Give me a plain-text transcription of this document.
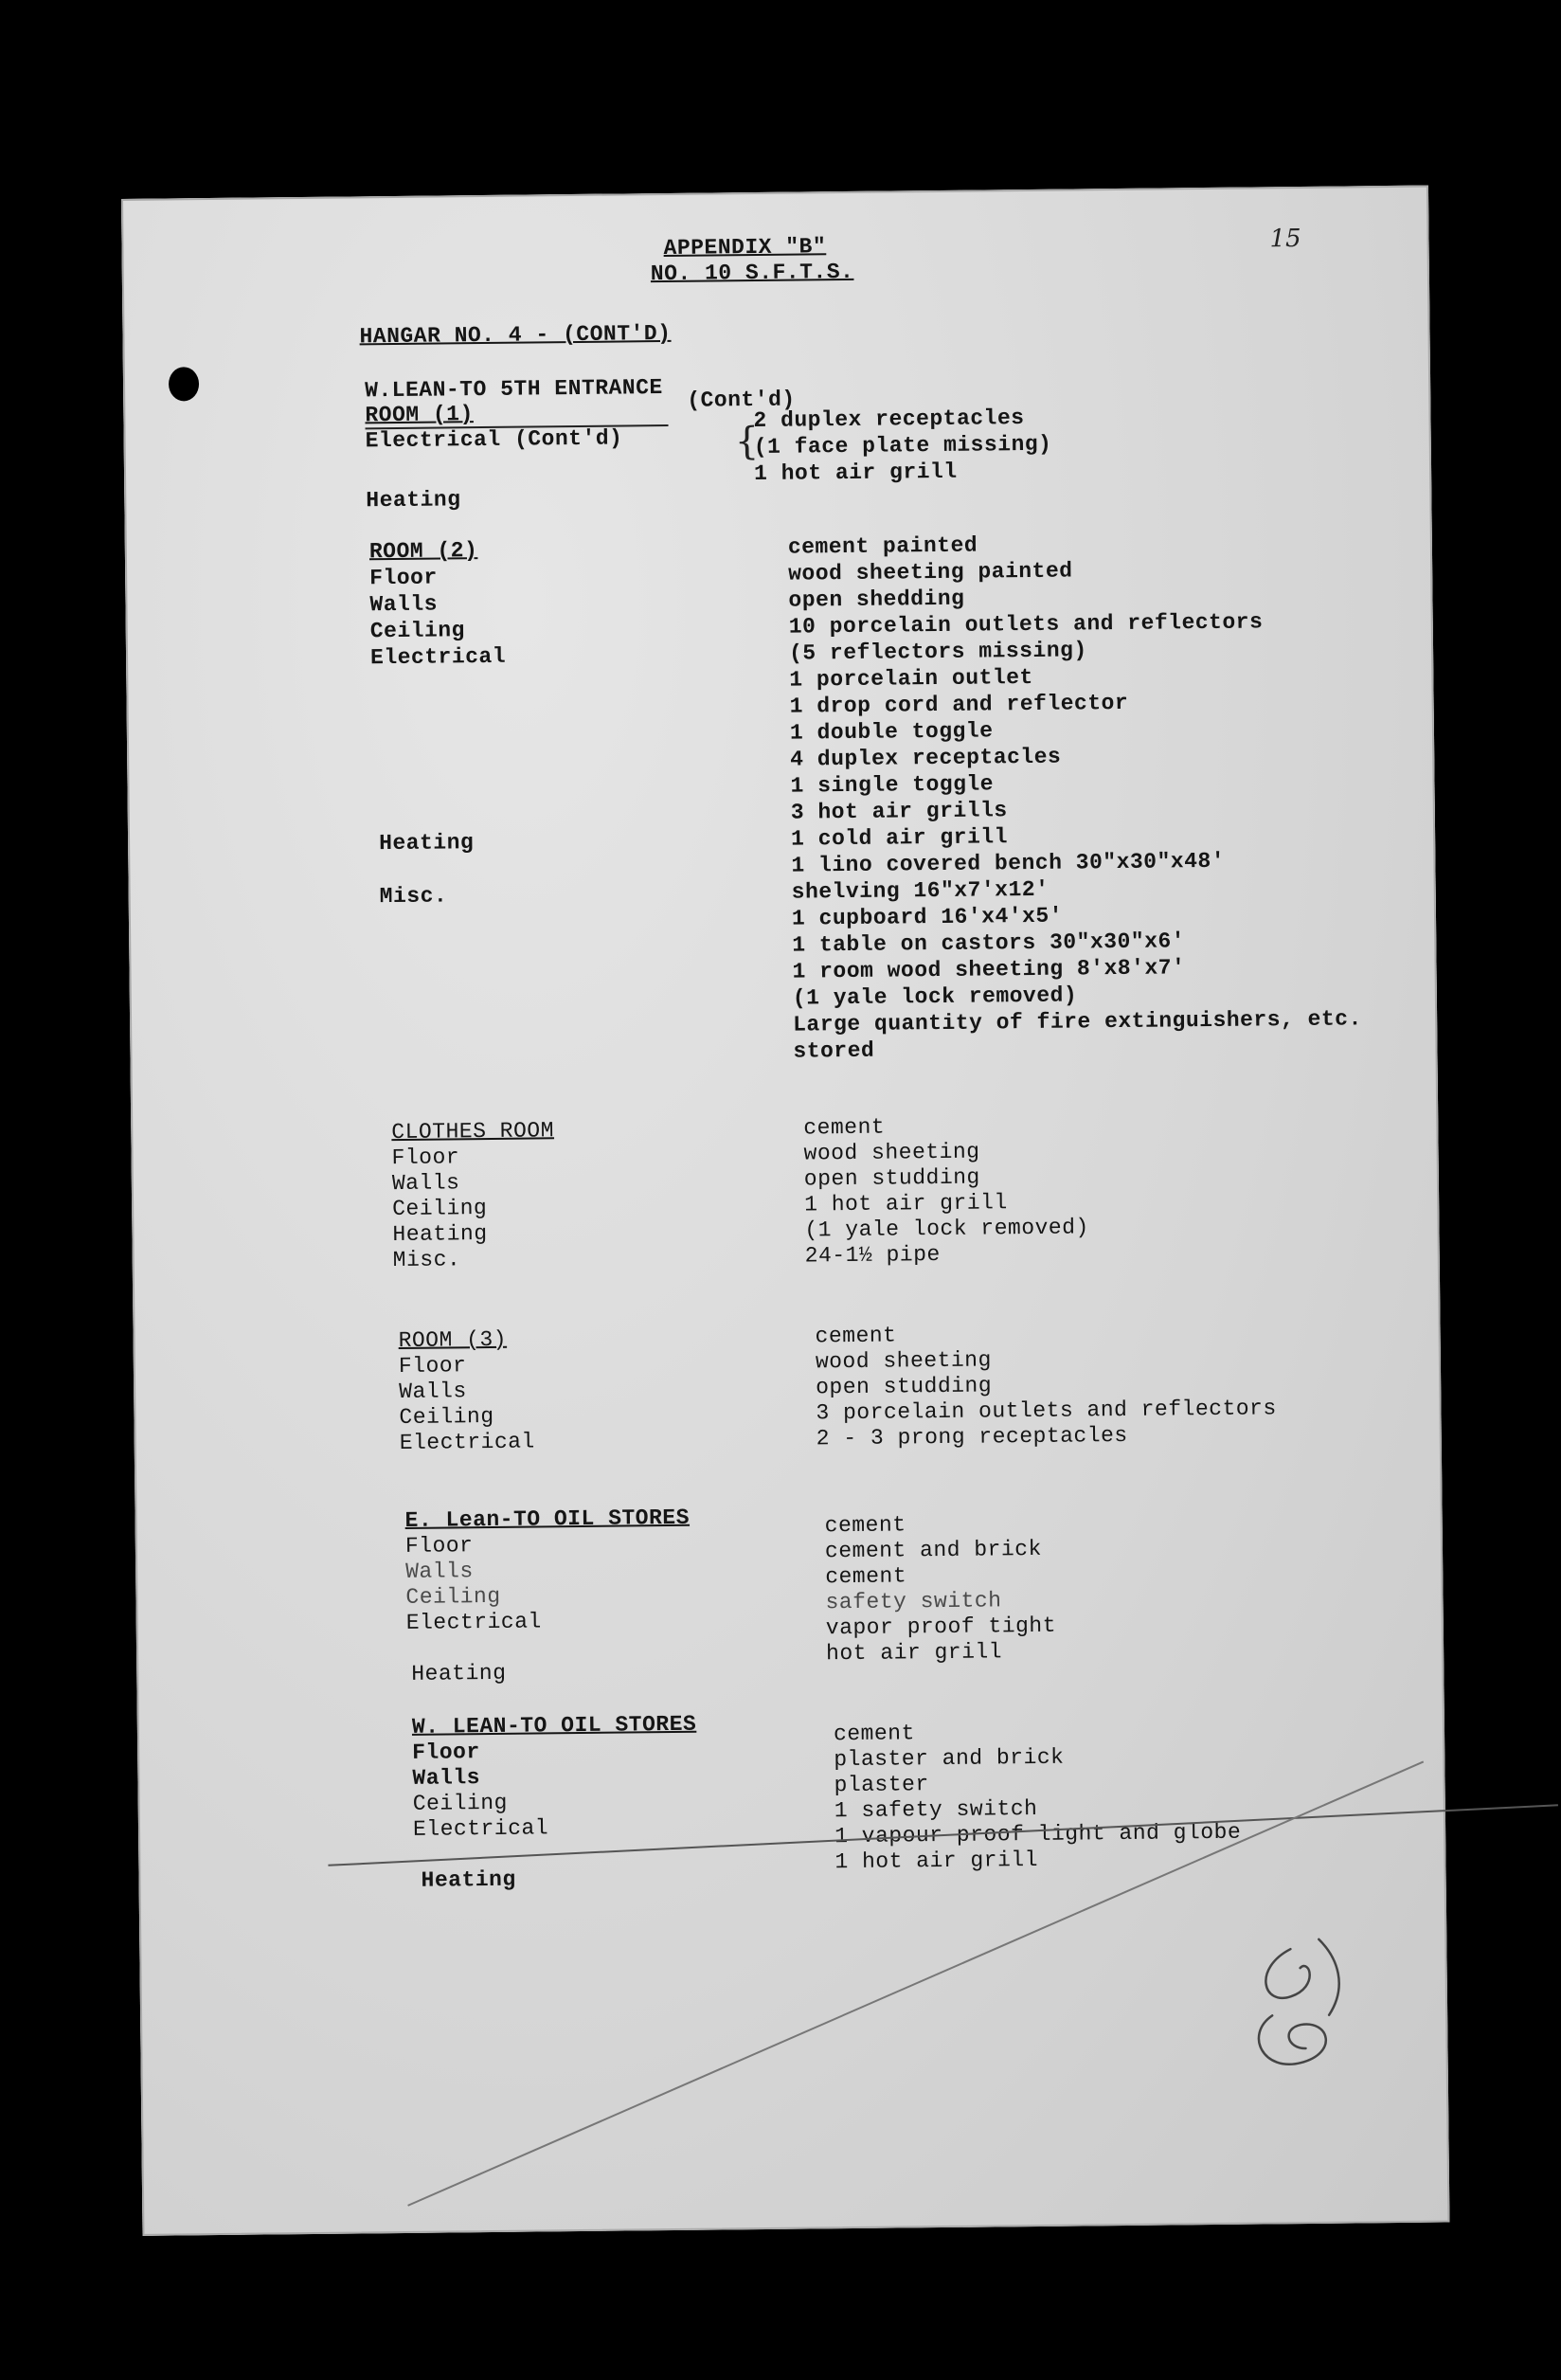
APPENDIX "B"
NO. 10 S.F.T.S.
15
HANGAR NO. 4 - (CONT'D)
W.LEAN-TO 5TH ENTRANCE
ROOM (1)
(Cont'd)
Electrical (Cont'd)
Heating
{
2 duplex receptacles
(1 face plate missing)
1 hot air grill
ROOM (2)
Floor
Walls
Ceiling
Electrical
Heating
Misc.
cement painted
wood sheeting painted
open shedding
10 porcelain outlets and reflectors
(5 reflectors missing)
1 porcelain outlet
1 drop cord and reflector
1 double toggle
4 duplex receptacles
1 single toggle
3 hot air grills
1 cold air grill
1 lino covered bench 30"x30"x48'
shelving 16"x7'x12'
1 cupboard 16'x4'x5'
1 table on castors 30"x30"x6'
1 room wood sheeting 8'x8'x7'
(1 yale lock removed)
Large quantity of fire extinguishers, etc.
stored
CLOTHES ROOM
Floor
Walls
Ceiling
Heating
Misc.
cement
wood sheeting
open studding
1 hot air grill
(1 yale lock removed)
24-1½ pipe
ROOM (3)
Floor
Walls
Ceiling
Electrical
cement
wood sheeting
open studding
3 porcelain outlets and reflectors
2 - 3 prong receptacles
E. Lean-TO OIL STORES
Floor
Walls
Ceiling
Electrical
Heating
cement
cement and brick
cement
safety switch
vapor proof tight
hot air grill
W. LEAN-TO OIL STORES
Floor
Walls
Ceiling
Electrical
Heating
cement
plaster and brick
plaster
1 safety switch
1 vapour proof light and globe
1 hot air grill
